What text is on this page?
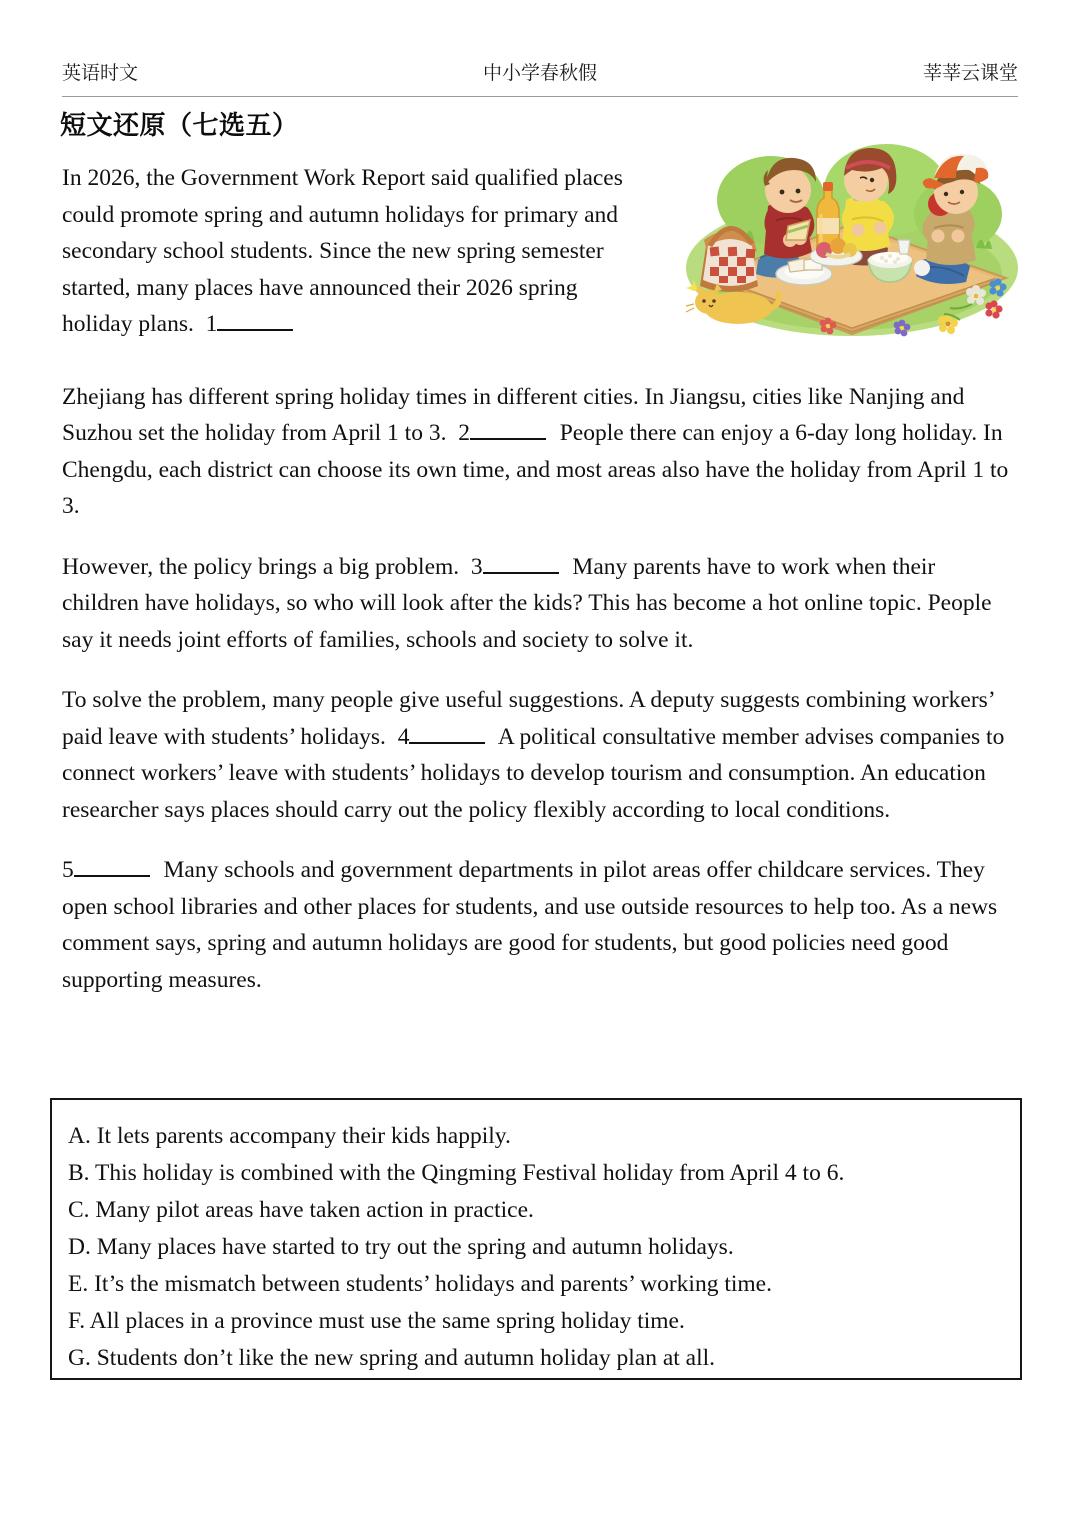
英语时文	中小学春秋假	莘莘云课堂
短文还原（七选五）
In 2026, the Government Work Report said qualified places could promote spring and autumn holidays for primary and secondary school students. Since the new spring semester started, many places have announced their 2026 spring holiday plans.  1
Zhejiang has different spring holiday times in different cities. In Jiangsu, cities like Nanjing and Suzhou set the holiday from April 1 to 3.  2	People there can enjoy a 6-day long holiday. In Chengdu, each district can choose its own time, and most areas also have the holiday from April 1 to 3.
However, the policy brings a big problem.  3	Many parents have to work when their children have holidays, so who will look after the kids? This has become a hot online topic. People say it needs joint efforts of families, schools and society to solve it.
To solve the problem, many people give useful suggestions. A deputy suggests combining workers’ paid leave with students’ holidays.  4	A political consultative member advises companies to connect workers’ leave with students’ holidays to develop tourism and consumption. An education researcher says places should carry out the policy flexibly according to local conditions.
5	Many schools and government departments in pilot areas offer childcare services. They open school libraries and other places for students, and use outside resources to help too. As a news comment says, spring and autumn holidays are good for students, but good policies need good supporting measures.
A. It lets parents accompany their kids happily.
B. This holiday is combined with the Qingming Festival holiday from April 4 to 6.
C. Many pilot areas have taken action in practice.
D. Many places have started to try out the spring and autumn holidays.
E. It’s the mismatch between students’ holidays and parents’ working time.
F. All places in a province must use the same spring holiday time.
G. Students don’t like the new spring and autumn holiday plan at all.
